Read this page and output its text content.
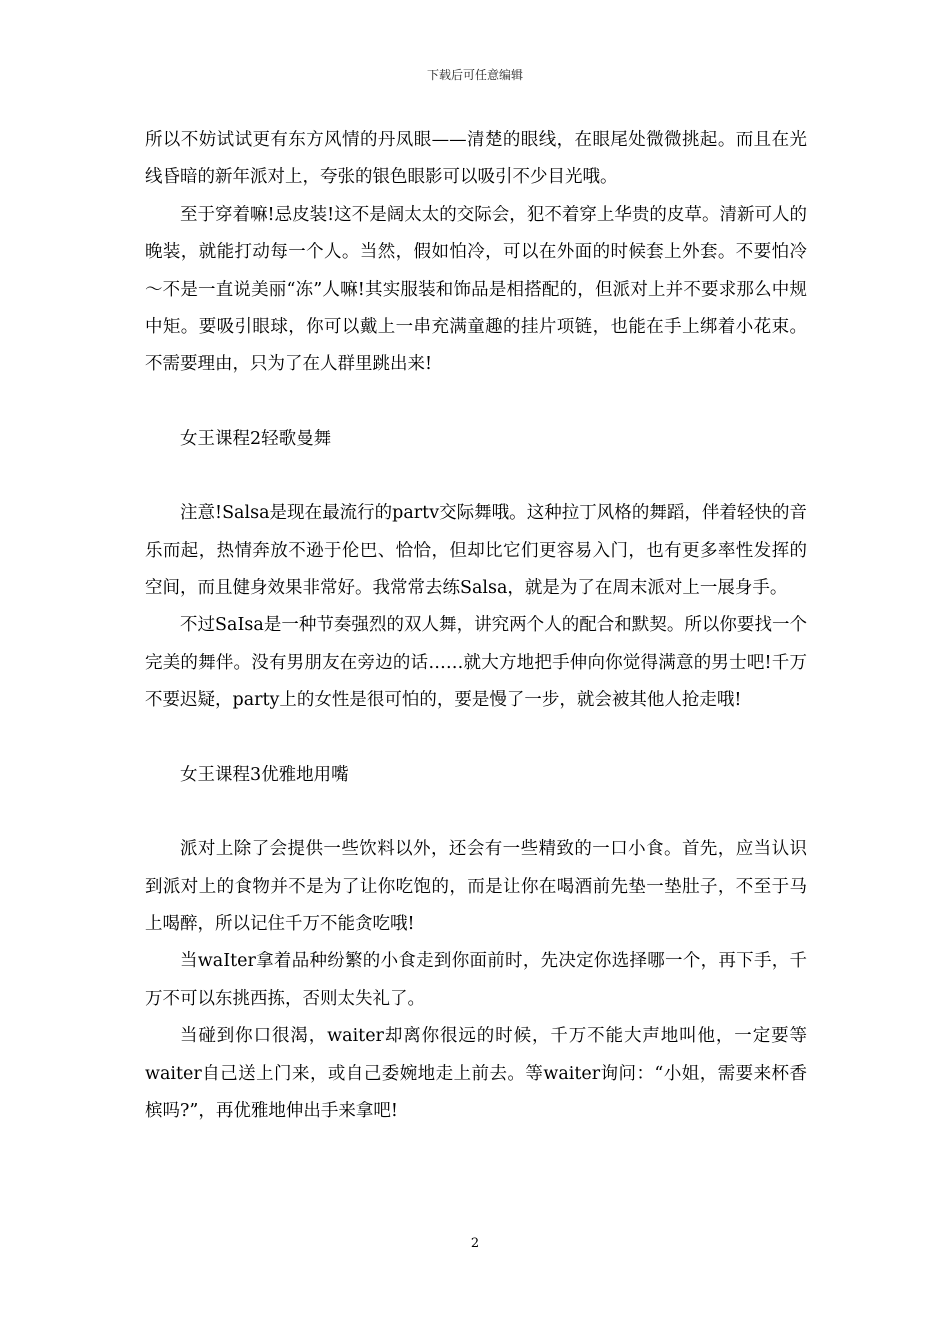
下载后可任意编辑

所以不妨试试更有东方风情的丹凤眼——清楚的眼线，在眼尾处微微挑起。而且在光线昏暗的新年派对上，夸张的银色眼影可以吸引不少目光哦。

至于穿着嘛!忌皮装!这不是阔太太的交际会，犯不着穿上华贵的皮草。清新可人的晚装，就能打动每一个人。当然，假如怕冷，可以在外面的时候套上外套。不要怕冷～不是一直说美丽“冻”人嘛!其实服装和饰品是相搭配的，但派对上并不要求那么中规中矩。要吸引眼球，你可以戴上一串充满童趣的挂片项链，也能在手上绑着小花束。不需要理由，只为了在人群里跳出来!

女王课程2轻歌曼舞

注意!Salsa是现在最流行的partv交际舞哦。这种拉丁风格的舞蹈，伴着轻快的音乐而起，热情奔放不逊于伦巴、恰恰，但却比它们更容易入门，也有更多率性发挥的空间，而且健身效果非常好。我常常去练Salsa，就是为了在周末派对上一展身手。

不过SaIsa是一种节奏强烈的双人舞，讲究两个人的配合和默契。所以你要找一个完美的舞伴。没有男朋友在旁边的话……就大方地把手伸向你觉得满意的男士吧!千万不要迟疑，party上的女性是很可怕的，要是慢了一步，就会被其他人抢走哦!

女王课程3优雅地用嘴

派对上除了会提供一些饮料以外，还会有一些精致的一口小食。首先，应当认识到派对上的食物并不是为了让你吃饱的，而是让你在喝酒前先垫一垫肚子，不至于马上喝醉，所以记住千万不能贪吃哦!

当waIter拿着品种纷繁的小食走到你面前时，先决定你选择哪一个，再下手，千万不可以东挑西拣，否则太失礼了。

当碰到你口很渴，waiter却离你很远的时候，千万不能大声地叫他，一定要等waiter自己送上门来，或自己委婉地走上前去。等waiter询问：“小姐，需要来杯香槟吗?”，再优雅地伸出手来拿吧!

2
